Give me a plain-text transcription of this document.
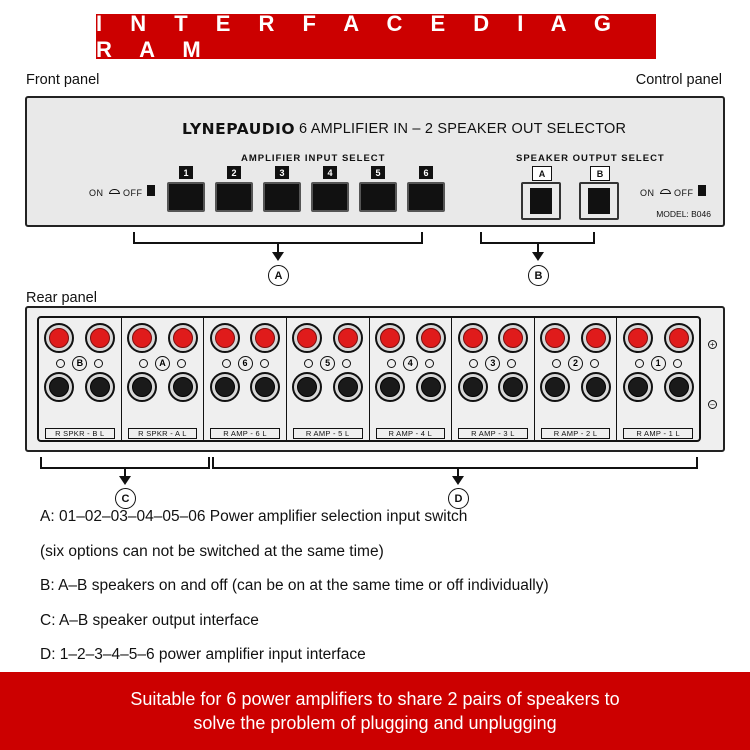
I N T E R F A C E D I A G R A M
Front panel	Control panel
Rear panel
LYNEPAUDIO 6 AMPLIFIER IN – 2 SPEAKER OUT SELECTOR
AMPLIFIER INPUT SELECT	SPEAKER OUTPUT SELECT
ON OFF
1	2	3	4	5	6	A	B
ON OFF
MODEL: B046
A	B
B
R SPKR - B L
A
R SPKR - A L
6
R AMP - 6 L
5
R AMP - 5 L
4
R AMP - 4 L
3
R AMP - 3 L
2
R AMP - 2 L
1
R AMP - 1 L
+
–
C	D

A: 01–02–03–04–05–06 Power amplifier selection input switch

(six options can not be switched at the same time)

B: A–B speakers on and off (can be on at the same time or off individually)

C: A–B speaker output interface

D: 1–2–3–4–5–6 power amplifier input interface

Suitable for 6 power amplifiers to share 2 pairs of speakers to
solve the problem of plugging and unplugging
